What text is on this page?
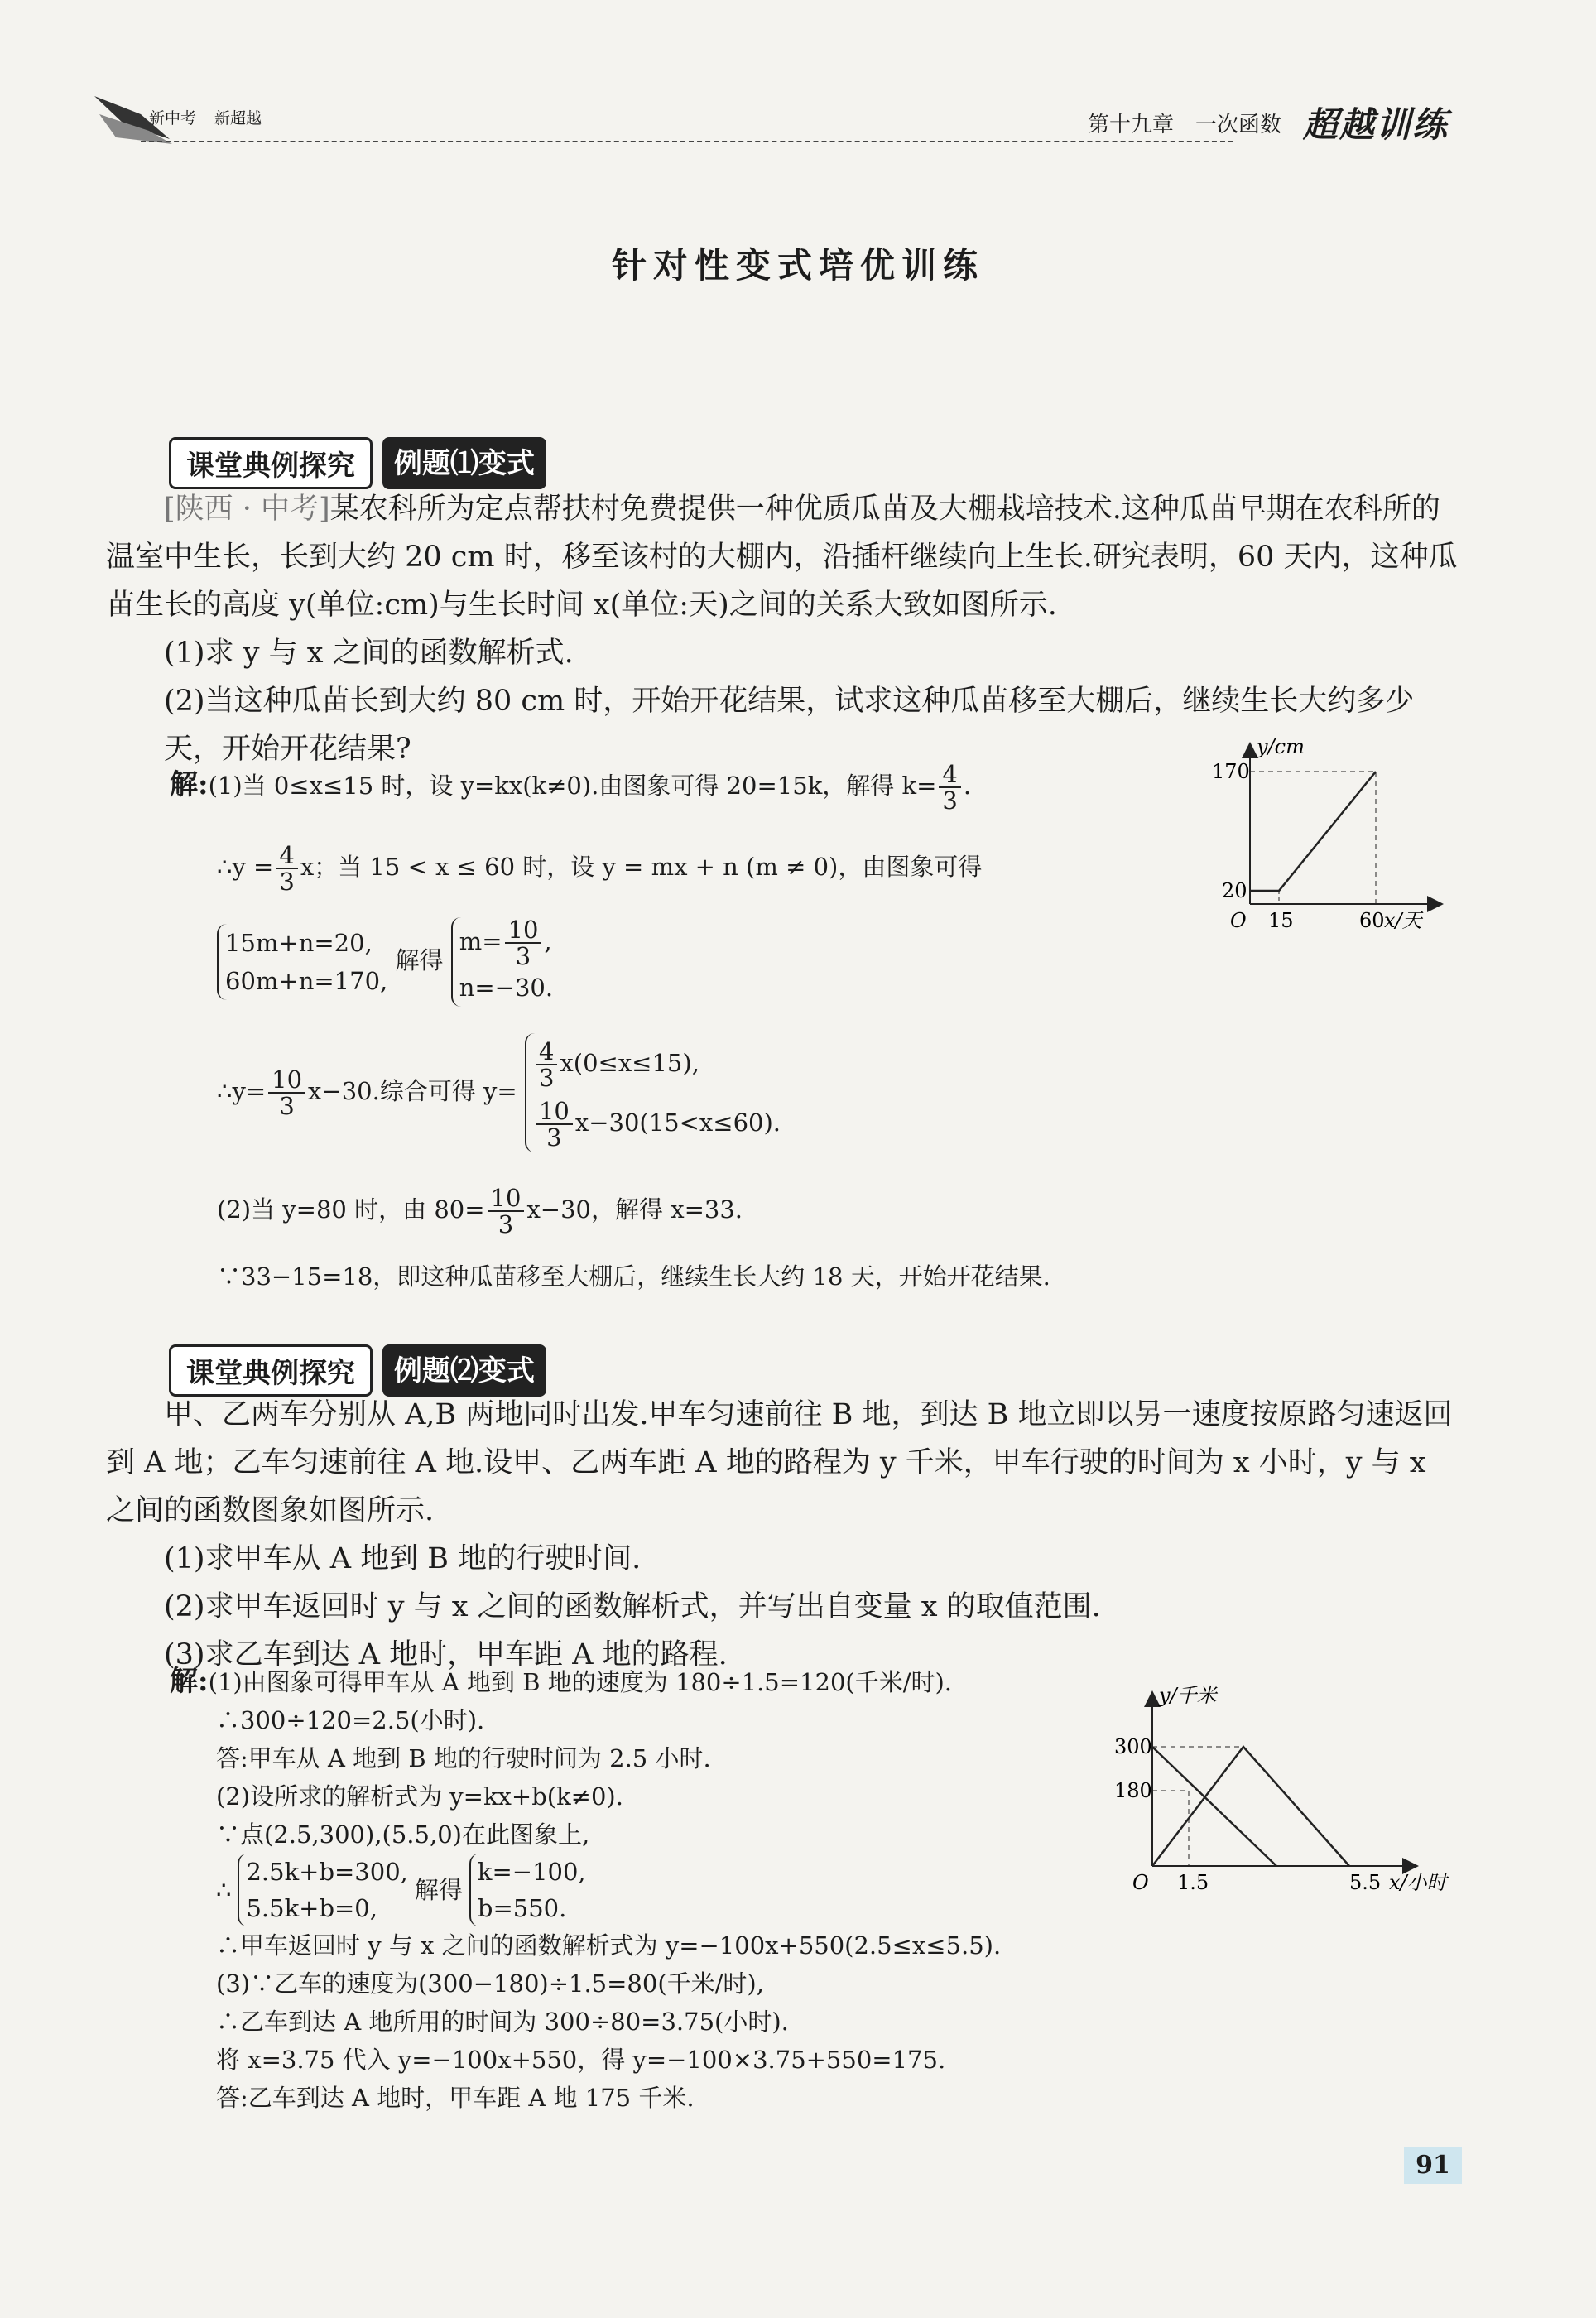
新中考 新超越	第十九章 一次函数 超越训练
针对性变式培优训练
课堂典例探究	例题⑴变式
[陕西 · 中考]某农科所为定点帮扶村免费提供一种优质瓜苗及大棚栽培技术.这种瓜苗早期在农科所的温室中生长，长到大约 20 cm 时，移至该村的大棚内，沿插杆继续向上生长.研究表明，60 天内，这种瓜苗生长的高度 y(单位:cm)与生长时间 x(单位:天)之间的关系大致如图所示.
(1)求 y 与 x 之间的函数解析式.
(2)当这种瓜苗长到大约 80 cm 时，开始开花结果，试求这种瓜苗移至大棚后，继续生长大约多少天，开始开花结果?
解:(1)当 0≤x≤15 时，设 y=kx(k≠0).由图象可得 20=15k，解得 $k= \frac{4}{3}$ .
∴y = $\frac{4}{3}$ x；当 15 < x ≤ 60 时，设 y = mx + n (m ≠ 0)，由图象可得
15m+n=20,
60m+n=170,
解得
$m= \frac{10}{3}$ ,
n=−30.
∴y= $\frac{10}{3} x-30$.综合可得 y=
$\frac{4}{3} x(0\le x\le 15)$,
$\frac{10}{3} x-30(15<x\le 60)$.
(2)当 y=80 时，由 $80= \frac{10}{3} x-30$，解得 x=33.
∵33−15=18，即这种瓜苗移至大棚后，继续生长大约 18 天，开始开花结果.
y/cm
x/天
O 15	60
20
170
课堂典例探究	例题⑵变式
甲、乙两车分别从 A,B 两地同时出发.甲车匀速前往 B 地，到达 B 地立即以另一速度按原路匀速返回到 A 地；乙车匀速前往 A 地.设甲、乙两车距 A 地的路程为 y 千米，甲车行驶的时间为 x 小时，y 与 x 之间的函数图象如图所示.
(1)求甲车从 A 地到 B 地的行驶时间.
(2)求甲车返回时 y 与 x 之间的函数解析式，并写出自变量 x 的取值范围.
(3)求乙车到达 A 地时，甲车距 A 地的路程.
解:(1)由图象可得甲车从 A 地到 B 地的速度为 180÷1.5=120(千米/时).
∴300÷120=2.5(小时).
答:甲车从 A 地到 B 地的行驶时间为 2.5 小时.
(2)设所求的解析式为 y=kx+b(k≠0).
∵点(2.5,300),(5.5,0)在此图象上,
∴
2.5k+b=300,
5.5k+b=0,
解得
k=−100,
b=550.
∴甲车返回时 y 与 x 之间的函数解析式为 y=−100x+550(2.5≤x≤5.5).
(3)∵乙车的速度为(300−180)÷1.5=80(千米/时),
∴乙车到达 A 地所用的时间为 300÷80=3.75(小时).
将 x=3.75 代入 y=−100x+550，得 y=−100×3.75+550=175.
答:乙车到达 A 地时，甲车距 A 地 175 千米.
y/千米
x/小时
O 1.5	5.5
180
300
91
